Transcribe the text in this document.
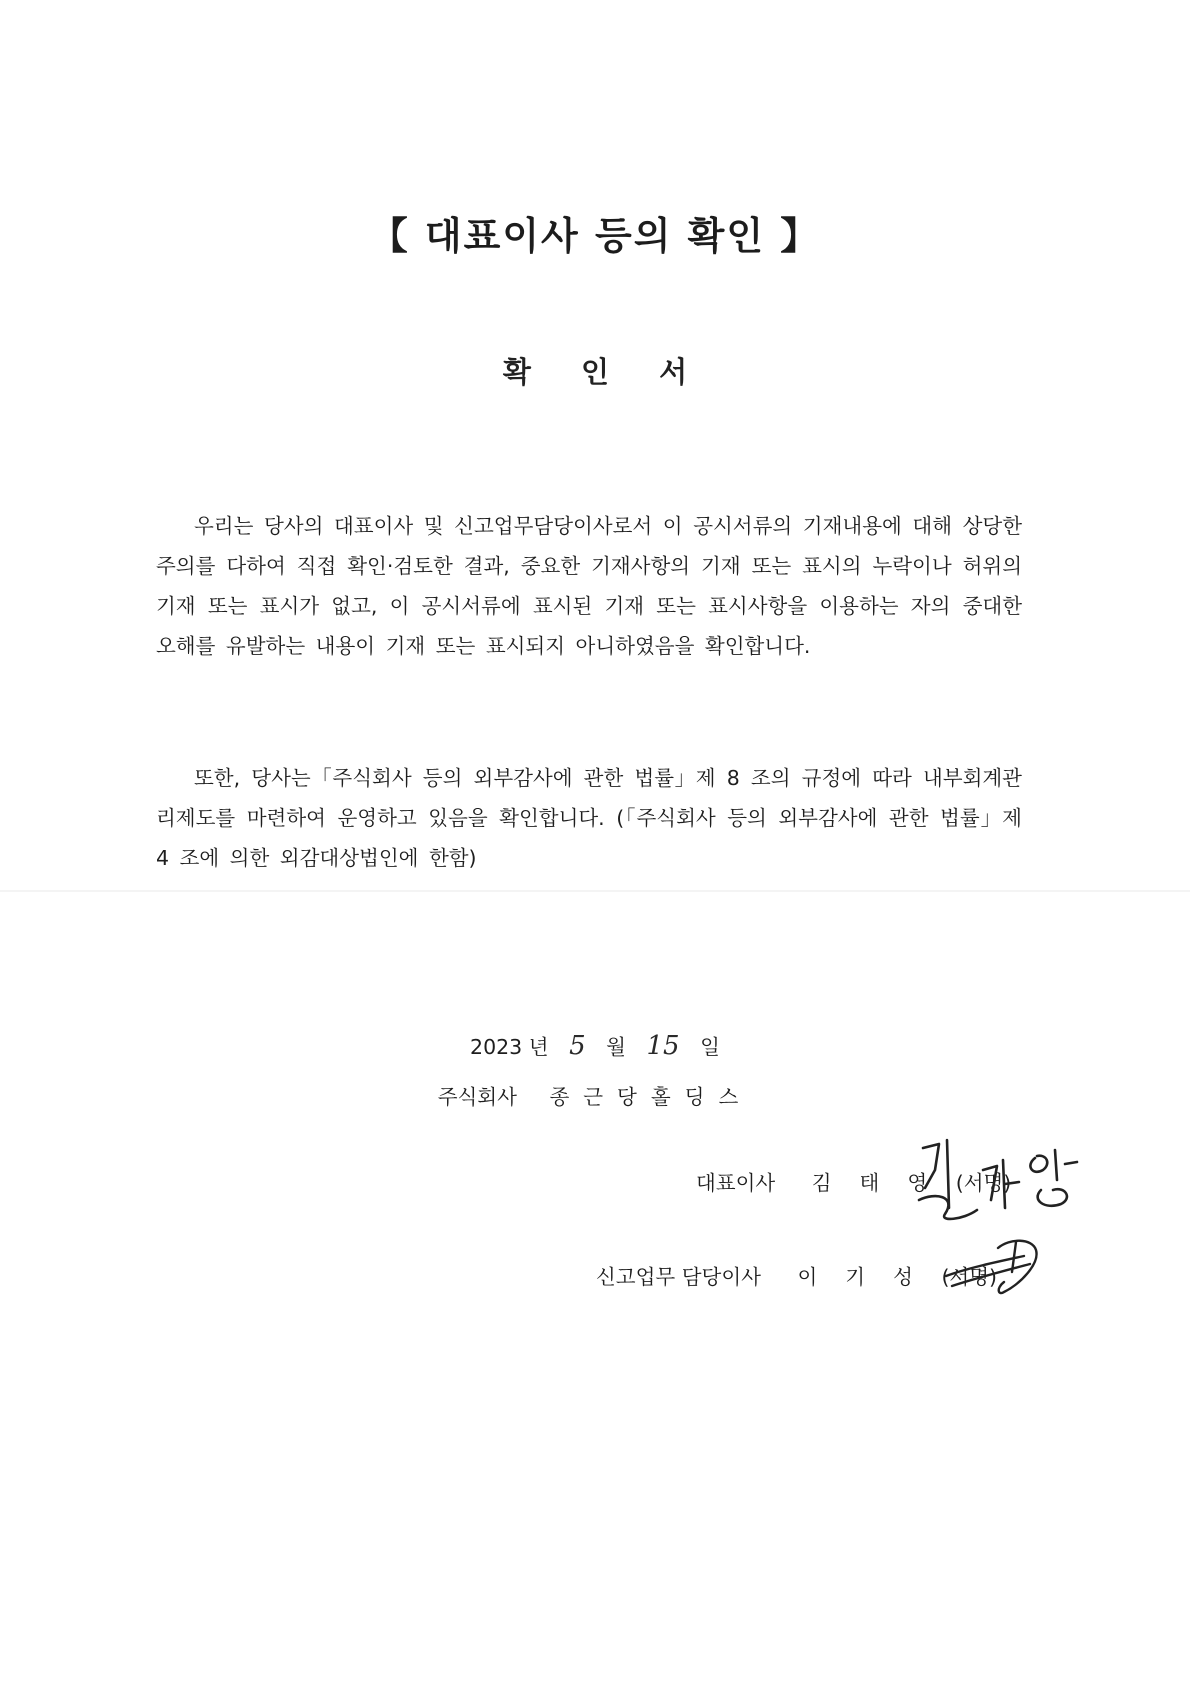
【 대표이사 등의 확인 】
확 인 서
우리는 당사의 대표이사 및 신고업무담당이사로서 이 공시서류의 기재내용에 대해 상당한 주의를 다하여 직접 확인·검토한 결과, 중요한 기재사항의 기재 또는 표시의 누락이나 허위의 기재 또는 표시가 없고, 이 공시서류에 표시된 기재 또는 표시사항을 이용하는 자의 중대한 오해를 유발하는 내용이 기재 또는 표시되지 아니하였음을 확인합니다.
또한, 당사는「주식회사 등의 외부감사에 관한 법률」제 8 조의 규정에 따라 내부회계관리제도를 마련하여 운영하고 있음을 확인합니다. (「주식회사 등의 외부감사에 관한 법률」제 4 조에 의한 외감대상법인에 한함)
2023 년 5 월 15 일
주식회사 종근당홀딩스
대표이사 김태영 (서명)
신고업무 담당이사 이기성 (서명)
